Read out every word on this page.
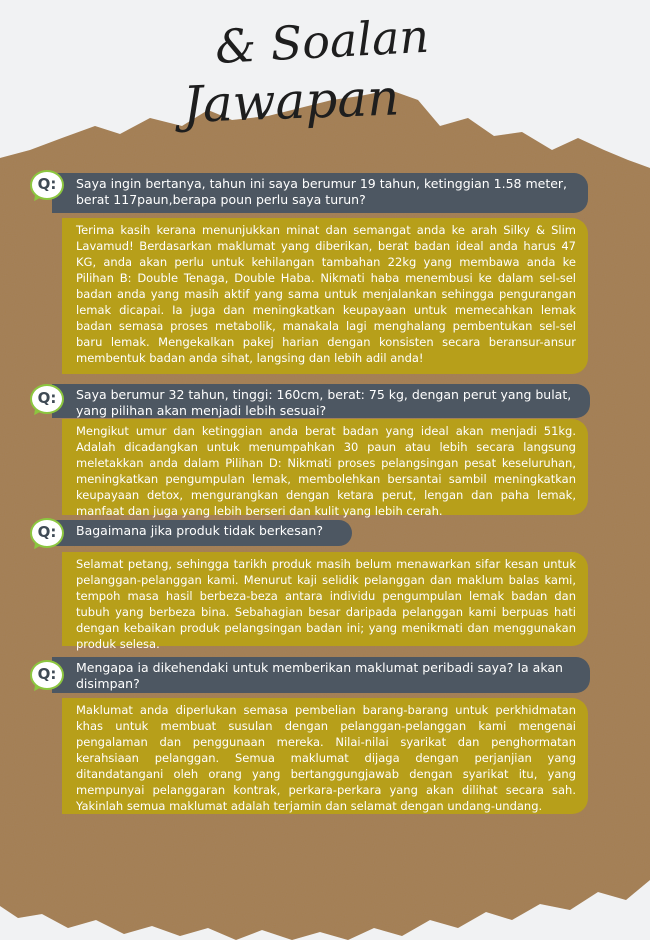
& Soalan
Jawapan
Saya ingin bertanya, tahun ini saya berumur 19 tahun, ketinggian 1.58 meter, berat 117paun,berapa poun perlu saya turun?
Q:
Terima kasih kerana menunjukkan minat dan semangat anda ke arah Silky & Slim Lavamud! Berdasarkan maklumat yang diberikan, berat badan ideal anda harus 47 KG, anda akan perlu untuk kehilangan tambahan 22kg yang membawa anda ke Pilihan B: Double Tenaga, Double Haba. Nikmati haba menembusi ke dalam sel-sel badan anda yang masih aktif yang sama untuk menjalankan sehingga pengurangan lemak dicapai. Ia juga dan meningkatkan keupayaan untuk memecahkan lemak badan semasa proses metabolik, manakala lagi menghalang pembentukan sel-sel baru lemak. Mengekalkan pakej harian dengan konsisten secara beransur-ansur membentuk badan anda sihat, langsing dan lebih adil anda!
Saya berumur 32 tahun, tinggi: 160cm, berat: 75 kg, dengan perut yang bulat, yang pilihan akan menjadi lebih sesuai?
Q:
Mengikut umur dan ketinggian anda berat badan yang ideal akan menjadi 51kg. Adalah dicadangkan untuk menumpahkan 30 paun atau lebih secara langsung meletakkan anda dalam Pilihan D: Nikmati proses pelangsingan pesat keseluruhan, meningkatkan pengumpulan lemak, membolehkan bersantai sambil meningkatkan keupayaan detox, mengurangkan dengan ketara perut, lengan dan paha lemak, manfaat dan juga yang lebih berseri dan kulit yang lebih cerah.
Bagaimana jika produk tidak berkesan?
Q:
Selamat petang, sehingga tarikh produk masih belum menawarkan sifar kesan untuk pelanggan-pelanggan kami. Menurut kaji selidik pelanggan dan maklum balas kami, tempoh masa hasil berbeza-beza antara individu pengumpulan lemak badan dan tubuh yang berbeza bina. Sebahagian besar daripada pelanggan kami berpuas hati dengan kebaikan produk pelangsingan badan ini; yang menikmati dan menggunakan produk selesa.
Mengapa ia dikehendaki untuk memberikan maklumat peribadi saya? Ia akan disimpan?
Q:
Maklumat anda diperlukan semasa pembelian barang-barang untuk perkhidmatan khas untuk membuat susulan dengan pelanggan-pelanggan kami mengenai pengalaman dan penggunaan mereka. Nilai-nilai syarikat dan penghormatan kerahsiaan pelanggan. Semua maklumat dijaga dengan perjanjian yang ditandatangani oleh orang yang bertanggungjawab dengan syarikat itu, yang mempunyai pelanggaran kontrak, perkara-perkara yang akan dilihat secara sah. Yakinlah semua maklumat adalah terjamin dan selamat dengan undang-undang.
